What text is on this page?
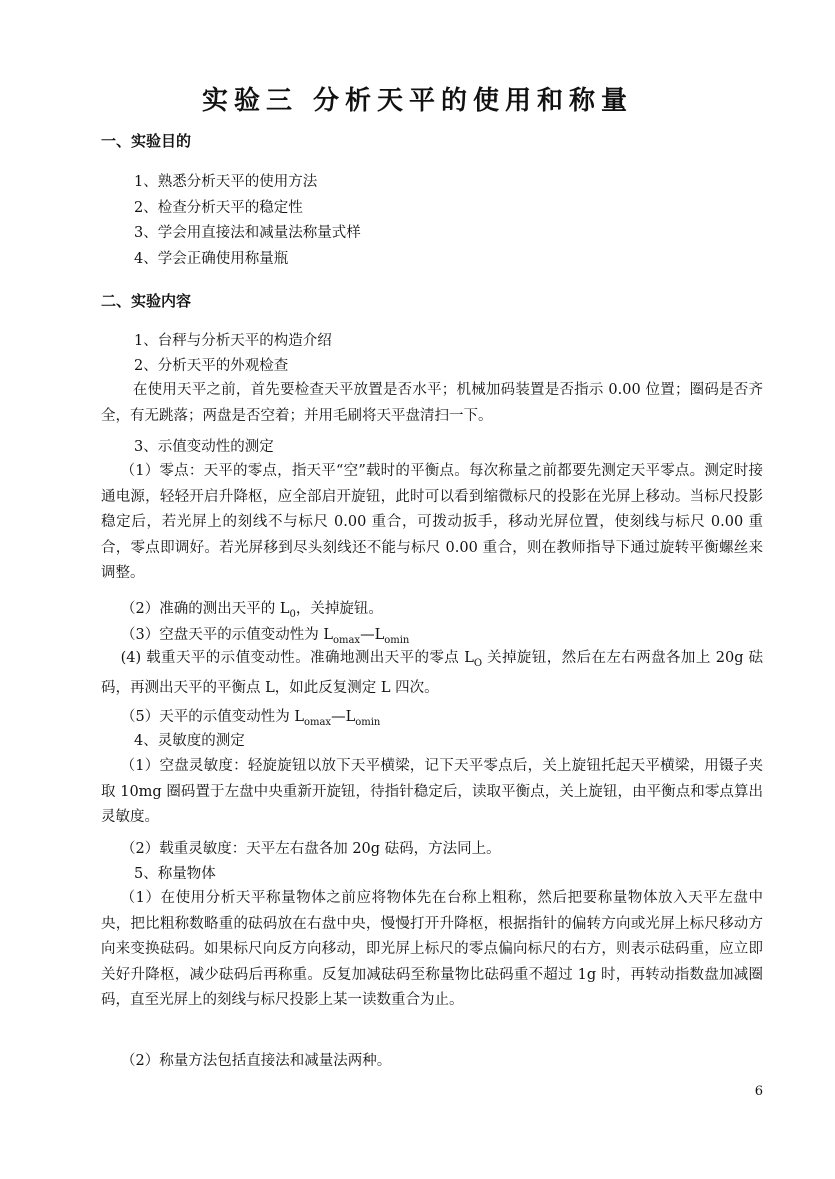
实验三 分析天平的使用和称量
一、实验目的
1、熟悉分析天平的使用方法
2、检查分析天平的稳定性
3、学会用直接法和减量法称量式样
4、学会正确使用称量瓶
二、实验内容
1、台秤与分析天平的构造介绍
2、分析天平的外观检查
在使用天平之前，首先要检查天平放置是否水平；机械加码装置是否指示 0.00 位置；圈码是否齐全，有无跳落；两盘是否空着；并用毛刷将天平盘清扫一下。
3、示值变动性的测定
（1）零点：天平的零点，指天平“空”载时的平衡点。每次称量之前都要先测定天平零点。测定时接通电源，轻轻开启升降枢，应全部启开旋钮，此时可以看到缩微标尺的投影在光屏上移动。当标尺投影稳定后，若光屏上的刻线不与标尺 0.00 重合，可拨动扳手，移动光屏位置，使刻线与标尺 0.00 重合，零点即调好。若光屏移到尽头刻线还不能与标尺 0.00 重合，则在教师指导下通过旋转平衡螺丝来调整。
（2）准确的测出天平的 $L_0$，关掉旋钮。
（3）空盘天平的示值变动性为 $L_{omax}—L_{omin}$
(4) 载重天平的示值变动性。准确地测出天平的零点 $L_O$ 关掉旋钮，然后在左右两盘各加上 20g 砝码，再测出天平的平衡点 L，如此反复测定 L 四次。
（5）天平的示值变动性为 $L_{omax}—L_{omin}$
4、灵敏度的测定
（1）空盘灵敏度：轻旋旋钮以放下天平横梁，记下天平零点后，关上旋钮托起天平横梁，用镊子夹取 10mg 圈码置于左盘中央重新开旋钮，待指针稳定后，读取平衡点，关上旋钮，由平衡点和零点算出灵敏度。
（2）载重灵敏度：天平左右盘各加 20g 砝码，方法同上。
5、称量物体
（1）在使用分析天平称量物体之前应将物体先在台称上粗称，然后把要称量物体放入天平左盘中央，把比粗称数略重的砝码放在右盘中央，慢慢打开升降枢，根据指针的偏转方向或光屏上标尺移动方向来变换砝码。如果标尺向反方向移动，即光屏上标尺的零点偏向标尺的右方，则表示砝码重，应立即关好升降枢，减少砝码后再称重。反复加减砝码至称量物比砝码重不超过 1g 时，再转动指数盘加减圈码，直至光屏上的刻线与标尺投影上某一读数重合为止。
（2）称量方法包括直接法和减量法两种。
6
